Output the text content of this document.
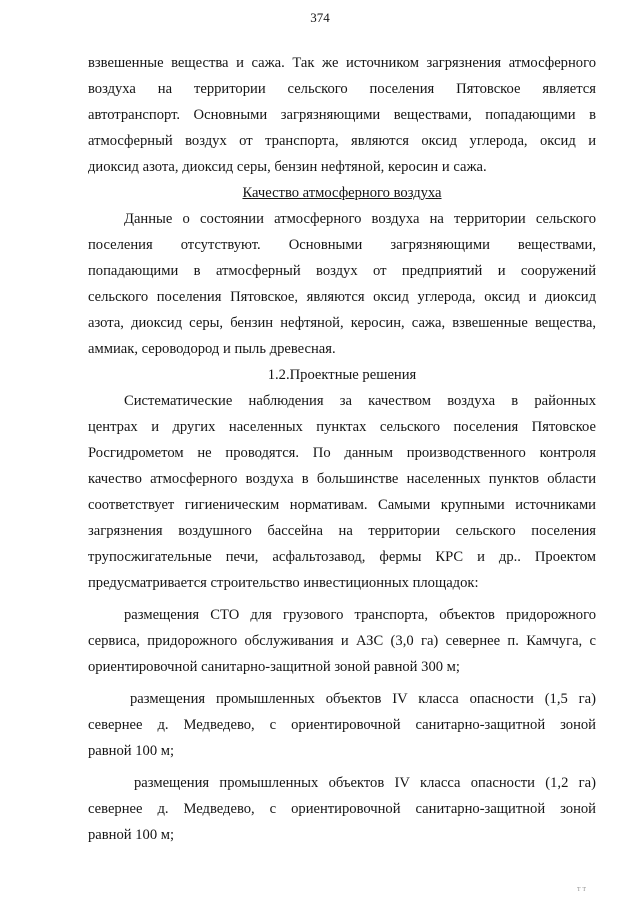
374
взвешенные вещества и сажа. Так же источником загрязнения атмосферного
воздуха на территории сельского поселения Пятовское является
автотранспорт. Основными загрязняющими веществами, попадающими в
атмосферный воздух от транспорта, являются оксид углерода, оксид и
диоксид азота, диоксид серы, бензин нефтяной, керосин и сажа.
Качество атмосферного воздуха
Данные о состоянии атмосферного воздуха на территории сельского
поселения отсутствуют. Основными загрязняющими веществами,
попадающими в атмосферный воздух от предприятий и сооружений
сельского поселения Пятовское, являются оксид углерода, оксид и диоксид
азота, диоксид серы, бензин нефтяной, керосин, сажа, взвешенные вещества,
аммиак, сероводород и пыль древесная.
1.2.Проектные решения
Систематические наблюдения за качеством воздуха в районных
центрах и других населенных пунктах сельского поселения Пятовское
Росгидрометом не проводятся. По данным производственного контроля
качество атмосферного воздуха в большинстве населенных пунктов области
соответствует гигиеническим нормативам. Самыми крупными источниками
загрязнения воздушного бассейна на территории сельского поселения
трупосжигательные печи, асфальтозавод, фермы КРС и др.. Проектом
предусматривается строительство инвестиционных площадок:
размещения СТО для грузового транспорта, объектов придорожного
сервиса, придорожного обслуживания и АЗС (3,0 га) севернее п. Камчуга, с
ориентировочной санитарно-защитной зоной равной 300 м;
размещения промышленных объектов IV класса опасности (1,5 га)
севернее д. Медведево, с ориентировочной санитарно-защитной зоной
равной 100 м;
размещения промышленных объектов IV класса опасности (1,2 га)
севернее д. Медведево, с ориентировочной санитарно-защитной зоной
равной 100 м;
т т
